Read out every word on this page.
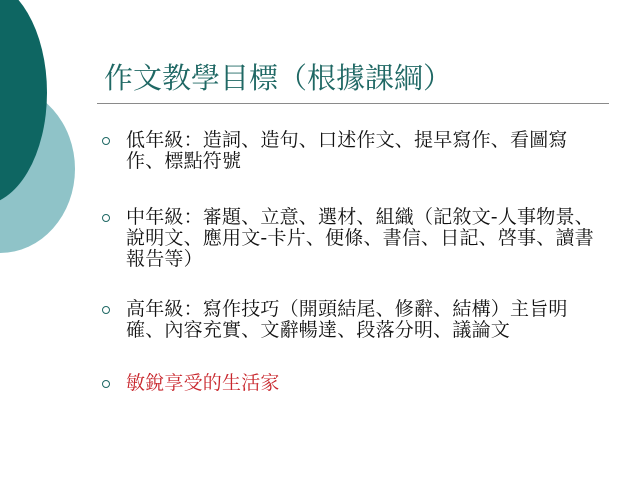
作文教學目標（根據課綱）
低年級：造詞、造句、口述作文、提早寫作、看圖寫作、標點符號
中年級：審題、立意、選材、組織（記敘文-人事物景、說明文、應用文-卡片、便條、書信、日記、啓事、讀書報告等）
高年級：寫作技巧（開頭結尾、修辭、結構）主旨明確、內容充實、文辭暢達、段落分明、議論文
敏銳享受的生活家
